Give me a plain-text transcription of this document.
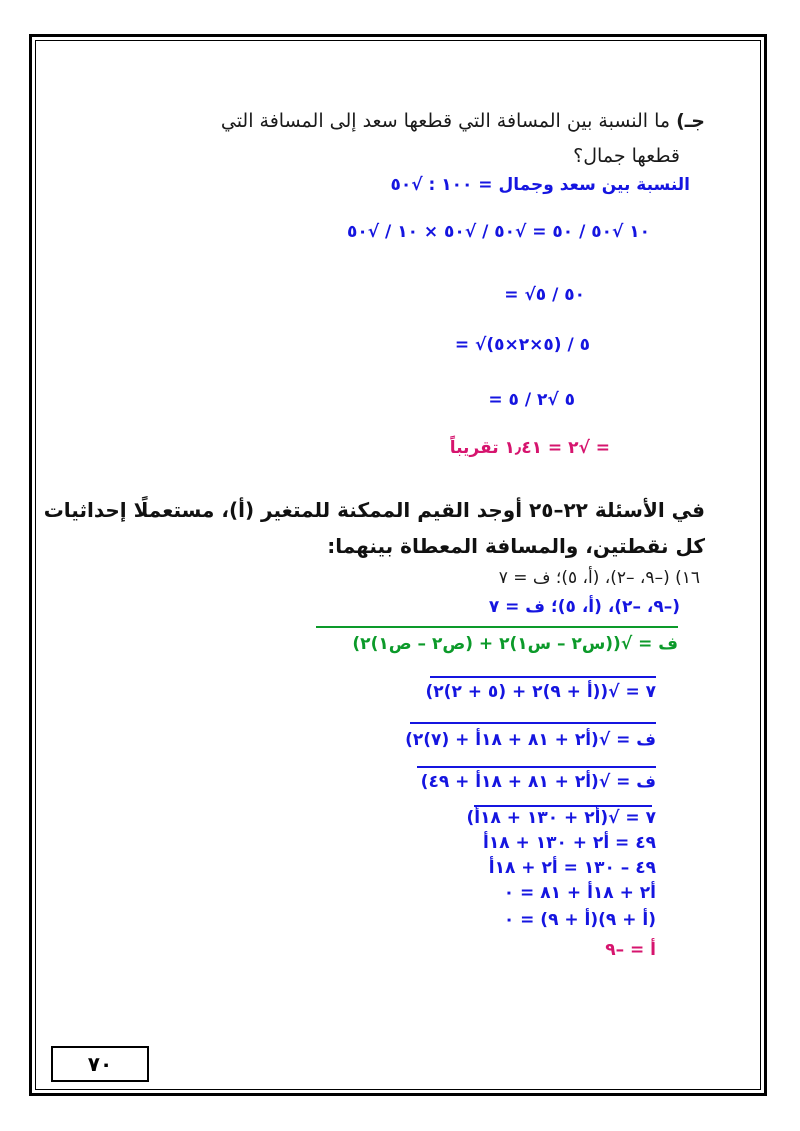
جـ) ما النسبة بين المسافة التي قطعها سعد إلى المسافة التي
قطعها جمال؟
النسبة بين سعد وجمال = ١٠٠ : √٥٠
١٠ √٥٠ / ٥٠ = √٥٠ / √٥٠ × ١٠ / √٥٠
= √٥٠ / ٥
= √(٥×٢×٥) / ٥
= ٥ √٢ / ٥
= √٢ = ١٫٤١ تقريباً
في الأسئلة ٢٢–٢٥ أوجد القيم الممكنة للمتغير (أ)، مستعملًا إحداثيات
كل نقطتين، والمسافة المعطاة بينهما:
١٦) (–٩، –٢)، (أ، ٥)؛ ف = ٧
(–٩، –٢)، (أ، ٥)؛ ف = ٧
ف = √((س٢ – س١)٢ + (ص٢ – ص١)٢)
٧ = √((أ + ٩)٢ + (٥ + ٢)٢)
ف = √(أ٢ + ٨١ + ١٨أ + (٧)٢)
ف = √(أ٢ + ٨١ + ١٨أ + ٤٩)
٧ = √(أ٢ + ١٣٠ + ١٨أ)
٤٩ = أ٢ + ١٣٠ + ١٨أ
٤٩ – ١٣٠ = أ٢ + ١٨أ
أ٢ + ١٨أ + ٨١ = ٠
(أ + ٩)(أ + ٩) = ٠
أ = –٩
٧٠
